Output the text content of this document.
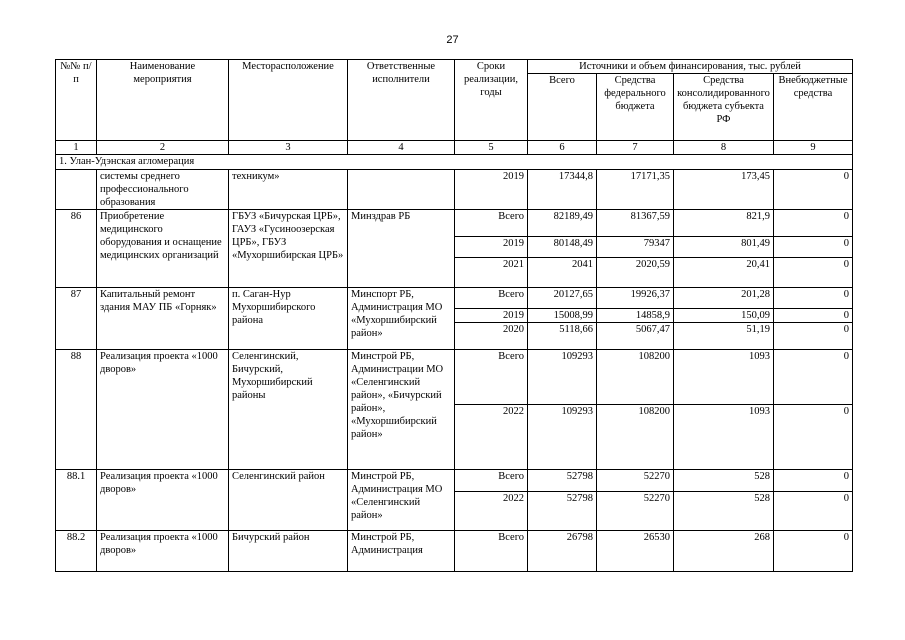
27
№№ п/п	Наименование мероприятия	Месторасположение	Ответственные исполнители	Сроки реализации, годы	Источники и объем финансирования, тыс. рублей			
					Всего	Средства федерального бюджета	Средства консолидированного бюджета субъекта РФ	Внебюджетные средства
1	2	3	4	5	6	7	8	9
1. Улан-Удэнская агломерация								
	системы среднего профессионального образования	техникум»		2019	17344,8	17171,35	173,45	0
86	Приобретение медицинского оборудования и оснащение медицинских организаций	ГБУЗ «Бичурская ЦРБ», ГАУЗ «Гусиноозерская ЦРБ», ГБУЗ «Мухоршибирская ЦРБ»	Минздрав РБ	Всего	82189,49	81367,59	821,9	0
				2019	80148,49	79347	801,49	0
				2021	2041	2020,59	20,41	0
87	Капитальный ремонт здания МАУ ПБ «Горняк»	п. Саган-Нур Мухоршибирского района	Минспорт РБ, Администрация МО «Мухоршибирский район»	Всего	20127,65	19926,37	201,28	0
				2019	15008,99	14858,9	150,09	0
				2020	5118,66	5067,47	51,19	0
88	Реализация проекта «1000 дворов»	Селенгинский, Бичурский, Мухоршибирский районы	Минстрой РБ, Администрации МО «Селенгинский район», «Бичурский район», «Мухоршибирский район»	Всего	109293	108200	1093	0
				2022	109293	108200	1093	0
88.1	Реализация проекта «1000 дворов»	Селенгинский район	Минстрой РБ, Администрация МО «Селенгинский район»	Всего	52798	52270	528	0
				2022	52798	52270	528	0
88.2	Реализация проекта «1000 дворов»	Бичурский район	Минстрой РБ, Администрация	Всего	26798	26530	268	0
